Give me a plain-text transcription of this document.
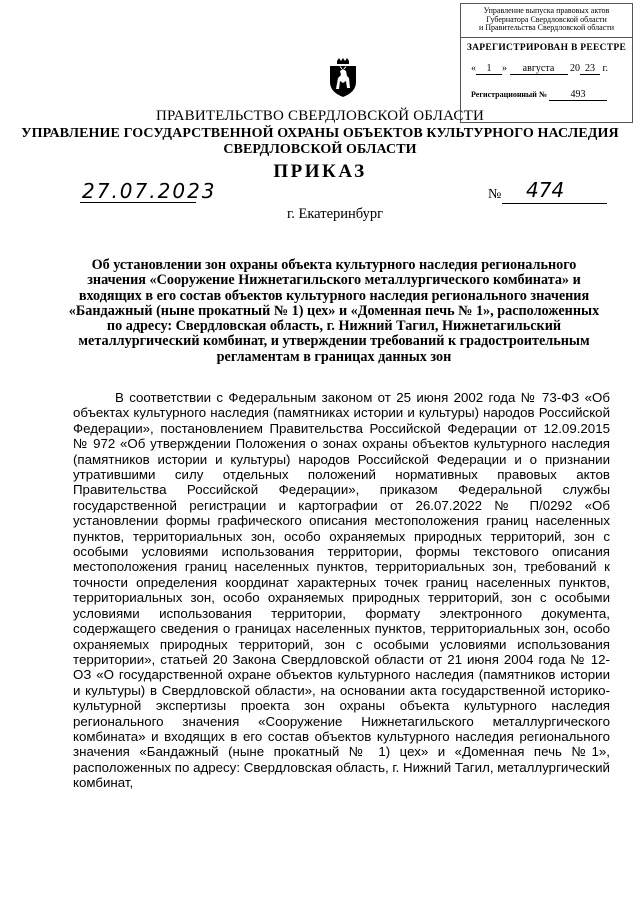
Управление выпуска правовых актов
Губернатора Свердловской области
и Правительства Свердловской области
ЗАРЕГИСТРИРОВАН В РЕЕСТРЕ
« 1 » августа 20 23 г.
Регистрационный № 493
ПРАВИТЕЛЬСТВО СВЕРДЛОВСКОЙ ОБЛАСТИ
УПРАВЛЕНИЕ ГОСУДАРСТВЕННОЙ ОХРАНЫ ОБЪЕКТОВ КУЛЬТУРНОГО НАСЛЕДИЯ
СВЕРДЛОВСКОЙ ОБЛАСТИ
ПРИКАЗ
27.07.2023	№ 474
г. Екатеринбург
Об установлении зон охраны объекта культурного наследия регионального значения «Сооружение Нижнетагильского металлургического комбината» и входящих в его состав объектов культурного наследия регионального значения «Бандажный (ныне прокатный № 1) цех» и «Доменная печь № 1», расположенных по адресу: Свердловская область, г. Нижний Тагил, Нижнетагильский металлургический комбинат, и утверждении требований к градостроительным регламентам в границах данных зон

В соответствии с Федеральным законом от 25 июня 2002 года № 73-ФЗ «Об объектах культурного наследия (памятниках истории и культуры) народов Российской Федерации», постановлением Правительства Российской Федерации от 12.09.2015 № 972 «Об утверждении Положения о зонах охраны объектов культурного наследия (памятников истории и культуры) народов Российской Федерации и о признании утратившими силу отдельных положений нормативных правовых актов Правительства Российской Федерации», приказом Федеральной службы государственной регистрации и картографии от 26.07.2022 № П/0292 «Об установлении формы графического описания местоположения границ населенных пунктов, территориальных зон, особо охраняемых природных территорий, зон с особыми условиями использования территории, формы текстового описания местоположения границ населенных пунктов, территориальных зон, требований к точности определения координат характерных точек границ населенных пунктов, территориальных зон, особо охраняемых природных территорий, зон с особыми условиями использования территории, формату электронного документа, содержащего сведения о границах населенных пунктов, территориальных зон, особо охраняемых природных территорий, зон с особыми условиями использования территории», статьей 20 Закона Свердловской области от 21 июня 2004 года № 12-ОЗ «О государственной охране объектов культурного наследия (памятников истории и культуры) в Свердловской области», на основании акта государственной историко-культурной экспертизы проекта зон охраны объекта культурного наследия регионального значения «Сооружение Нижнетагильского металлургического комбината» и входящих в его состав объектов культурного наследия регионального значения «Бандажный (ныне прокатный № 1) цех» и «Доменная печь №1», расположенных по адресу: Свердловская область, г. Нижний Тагил, металлургический комбинат,
